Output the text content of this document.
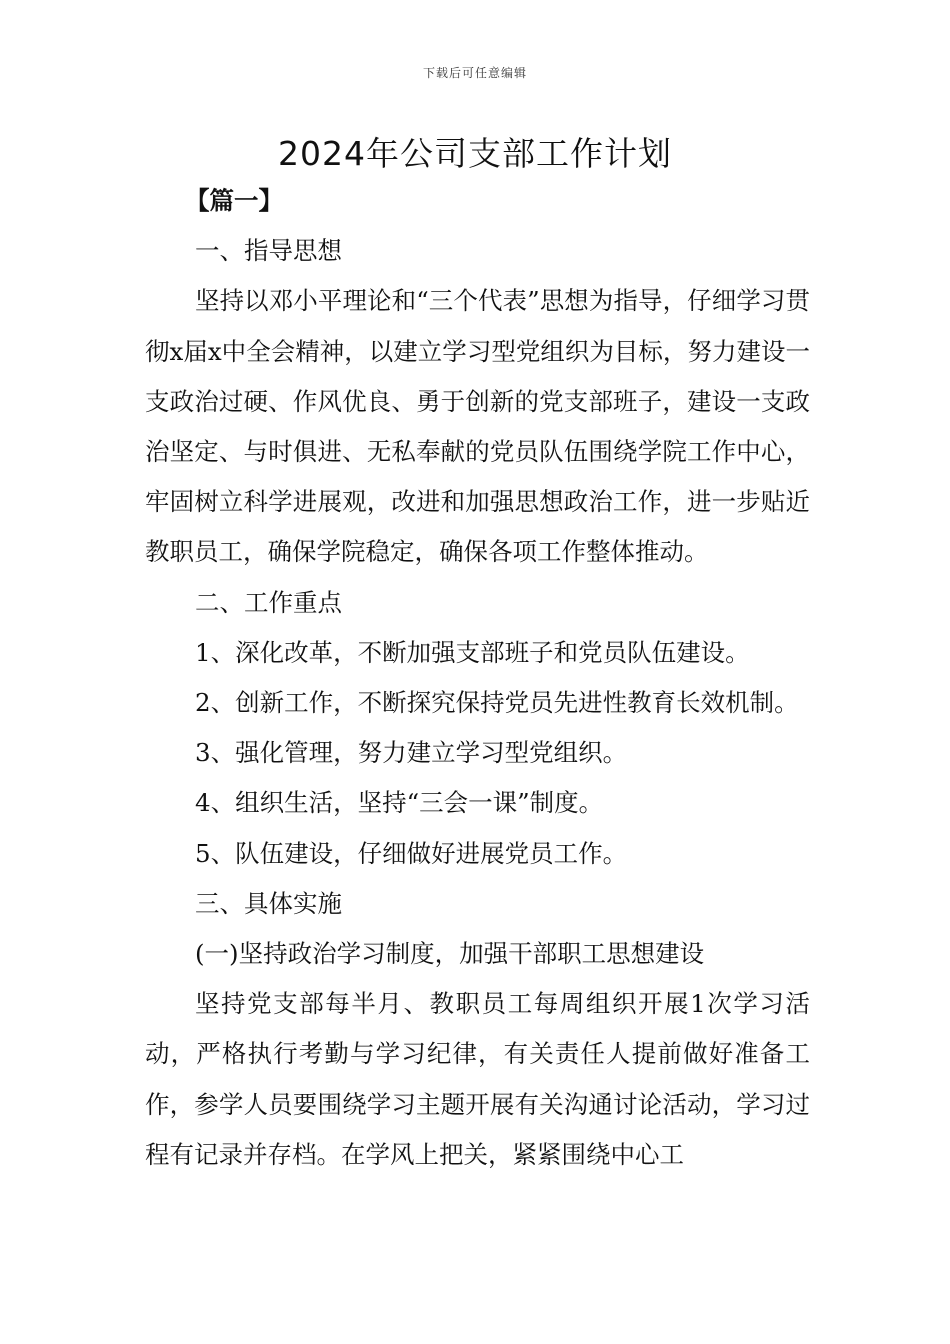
下载后可任意编辑
2024年公司支部工作计划

【篇一】

一、指导思想

坚持以邓小平理论和“三个代表”思想为指导，仔细学习贯彻x届x中全会精神，以建立学习型党组织为目标，努力建设一支政治过硬、作风优良、勇于创新的党支部班子，建设一支政治坚定、与时俱进、无私奉献的党员队伍围绕学院工作中心，牢固树立科学进展观，改进和加强思想政治工作，进一步贴近教职员工，确保学院稳定，确保各项工作整体推动。

二、工作重点

1、深化改革，不断加强支部班子和党员队伍建设。

2、创新工作，不断探究保持党员先进性教育长效机制。

3、强化管理，努力建立学习型党组织。

4、组织生活，坚持“三会一课”制度。

5、队伍建设，仔细做好进展党员工作。

三、具体实施

(一)坚持政治学习制度，加强干部职工思想建设

坚持党支部每半月、教职员工每周组织开展1次学习活动，严格执行考勤与学习纪律，有关责任人提前做好准备工作，参学人员要围绕学习主题开展有关沟通讨论活动，学习过程有记录并存档。在学风上把关，紧紧围绕中心工
